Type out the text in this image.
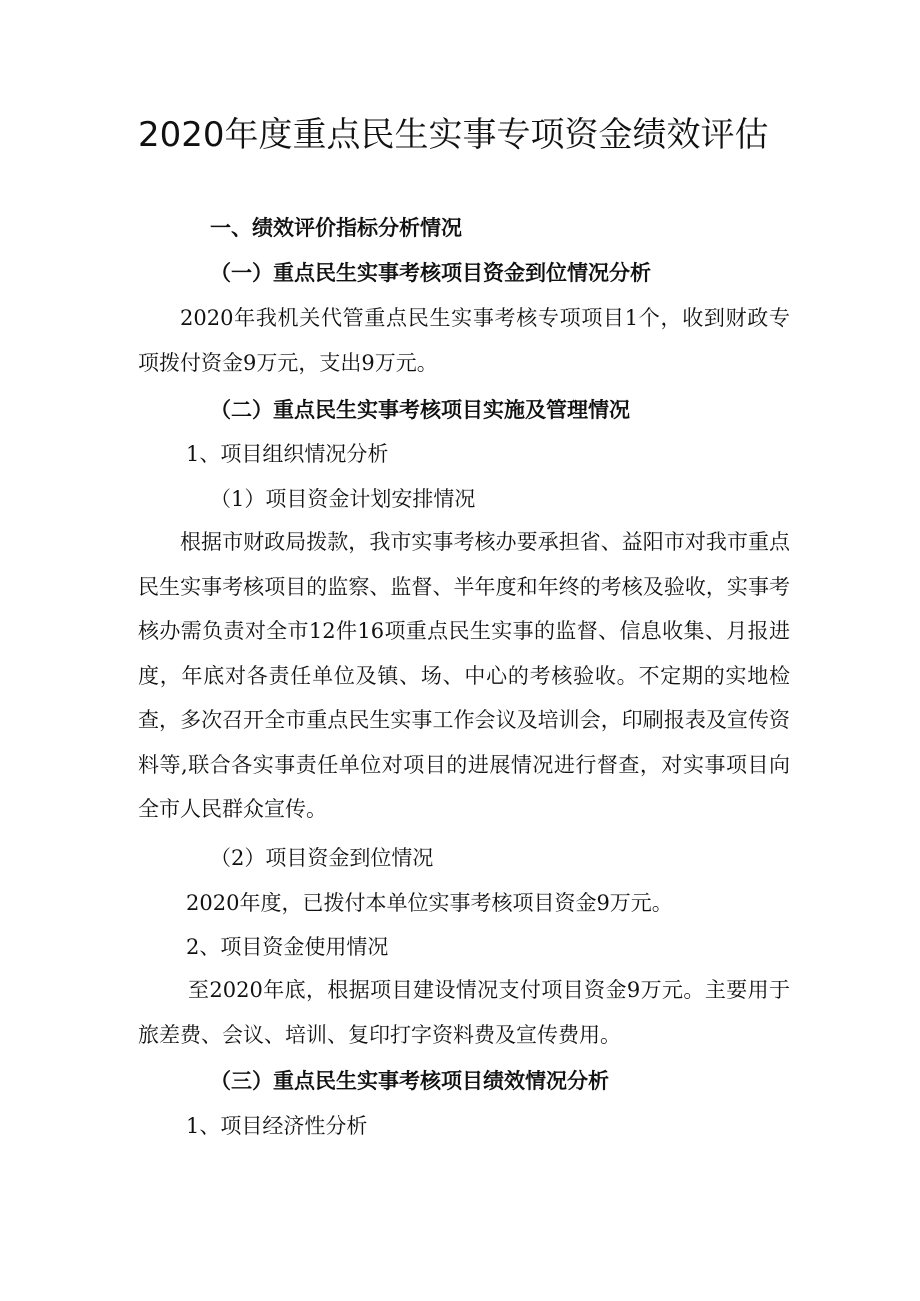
2020年度重点民生实事专项资金绩效评估
一、绩效评价指标分析情况
（一）重点民生实事考核项目资金到位情况分析

2020年我机关代管重点民生实事考核专项项目1个，收到财政专项拨付资金9万元，支出9万元。

（二）重点民生实事考核项目实施及管理情况
1、项目组织情况分析
（1）项目资金计划安排情况

根据市财政局拨款，我市实事考核办要承担省、益阳市对我市重点民生实事考核项目的监察、监督、半年度和年终的考核及验收，实事考核办需负责对全市12件16项重点民生实事的监督、信息收集、月报进度，年底对各责任单位及镇、场、中心的考核验收。不定期的实地检查，多次召开全市重点民生实事工作会议及培训会，印刷报表及宣传资料等,联合各实事责任单位对项目的进展情况进行督查，对实事项目向全市人民群众宣传。

（2）项目资金到位情况
2020年度，已拨付本单位实事考核项目资金9万元。
2、项目资金使用情况

至2020年底，根据项目建设情况支付项目资金9万元。主要用于旅差费、会议、培训、复印打字资料费及宣传费用。

（三）重点民生实事考核项目绩效情况分析
1、项目经济性分析
